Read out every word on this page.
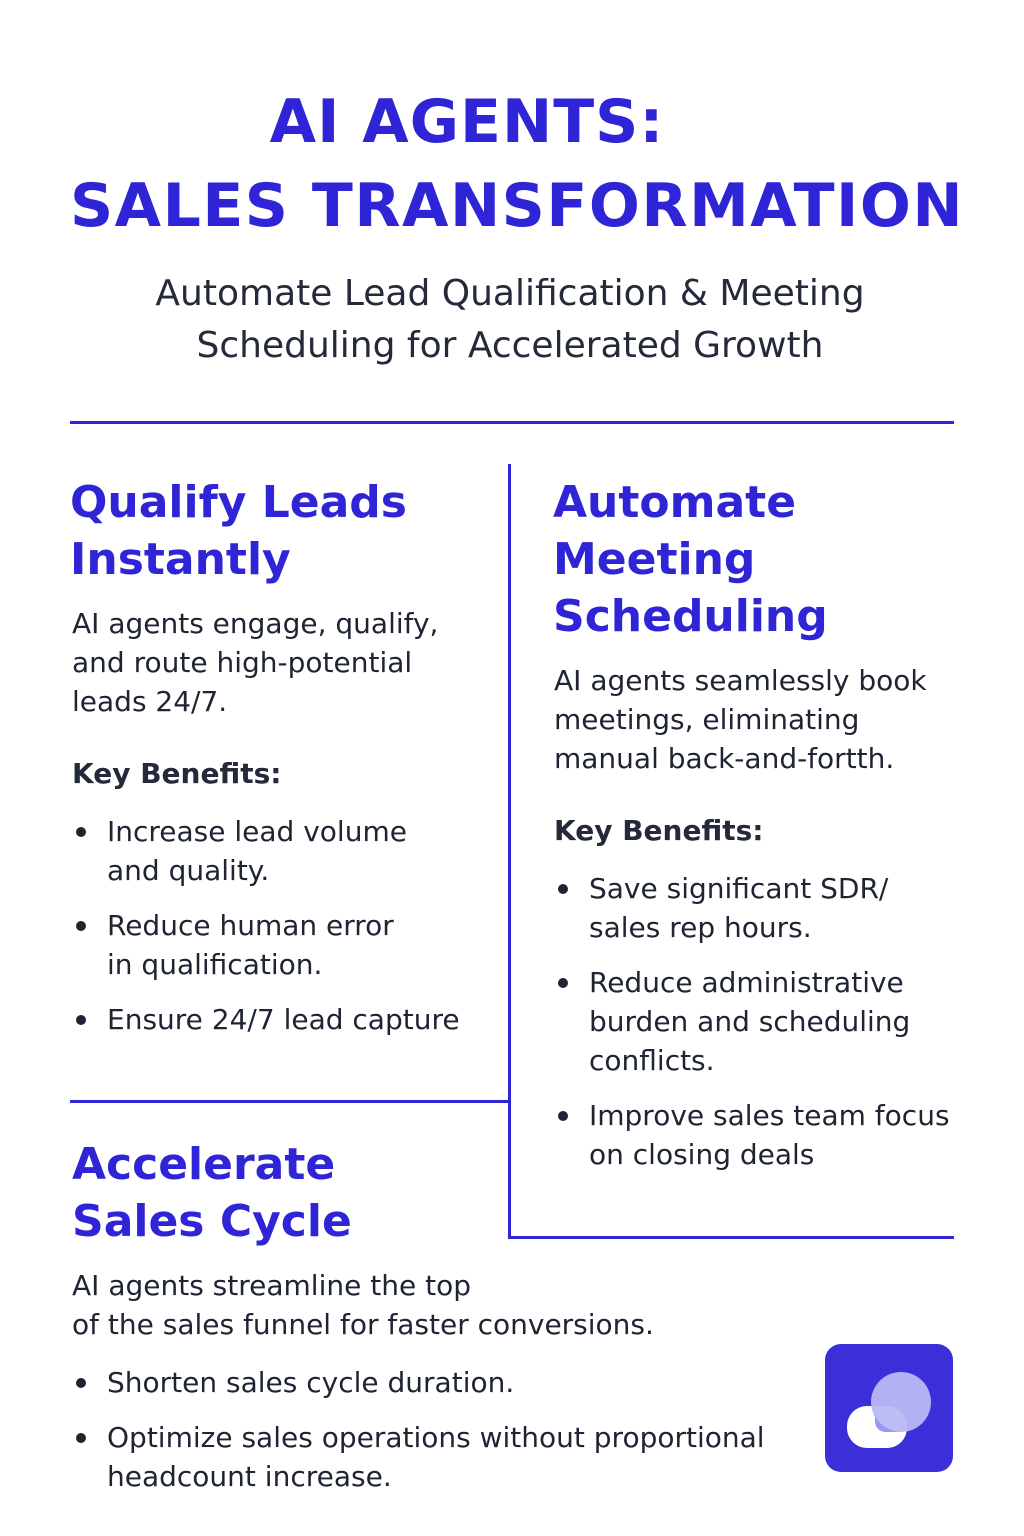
AI AGENTS:
SALES TRANSFORMATION

Automate Lead Qualification & Meeting
Scheduling for Accelerated Growth

Qualify Leads
Instantly

AI agents engage, qualify,
and route high-potential
leads 24/7.

Key Benefits:

Increase lead volume
and quality.
Reduce human error
in qualification.
Ensure 24/7 lead capture
Automate
Meeting
Scheduling

AI agents seamlessly book
meetings, eliminating
manual back-and-fortth.

Key Benefits:

Save significant SDR/
sales rep hours.
Reduce administrative
burden and scheduling
conflicts.
Improve sales team focus
on closing deals
Accelerate
Sales Cycle

AI agents streamline the top
of the sales funnel for faster conversions.

Shorten sales cycle duration.
Optimize sales operations without proportional
headcount increase.
